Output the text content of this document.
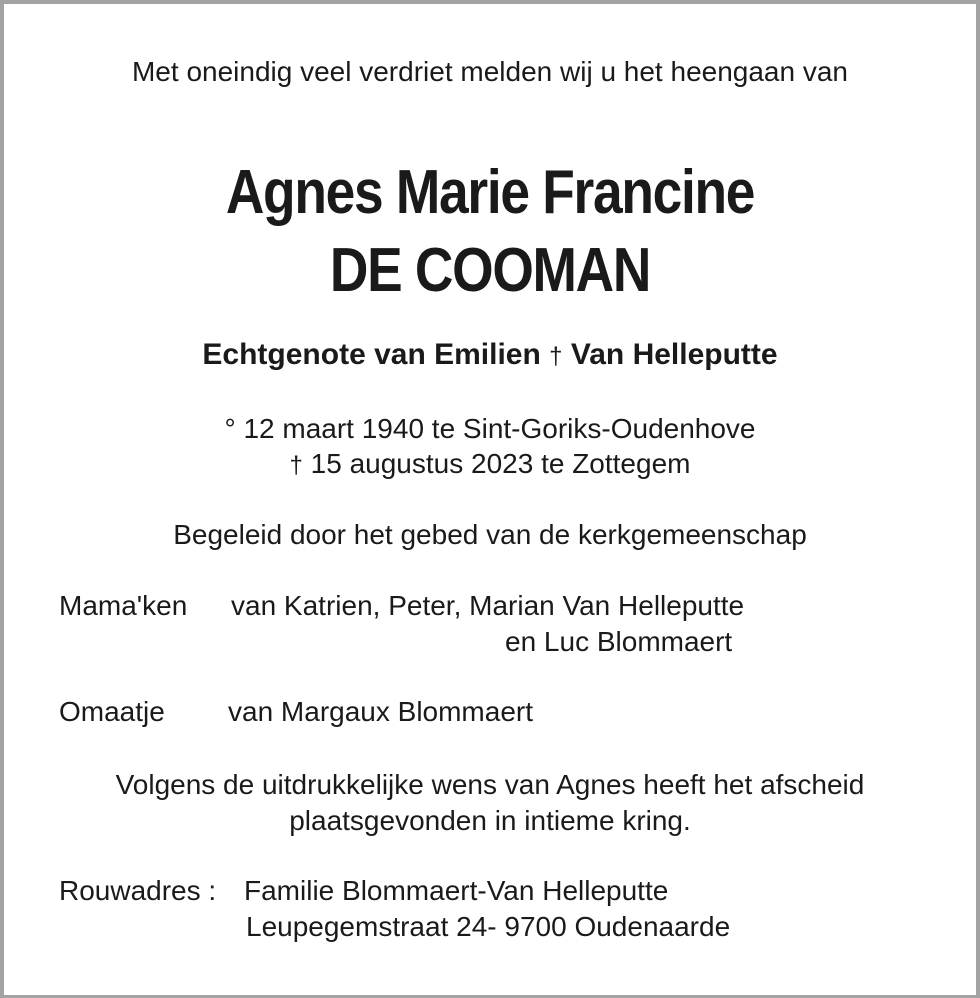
Met oneindig veel verdriet melden wij u het heengaan van
Agnes Marie Francine
DE COOMAN
Echtgenote van Emilien † Van Helleputte
° 12 maart 1940 te Sint-Goriks-Oudenhove
† 15 augustus 2023 te Zottegem
Begeleid door het gebed van de kerkgemeenschap
Mama'ken van Katrien, Peter, Marian Van Helleputte
en Luc Blommaert
Omaatje van Margaux Blommaert
Volgens de uitdrukkelijke wens van Agnes heeft het afscheid
plaatsgevonden in intieme kring.
Rouwadres : Familie Blommaert-Van Helleputte
Leupegemstraat 24- 9700 Oudenaarde
